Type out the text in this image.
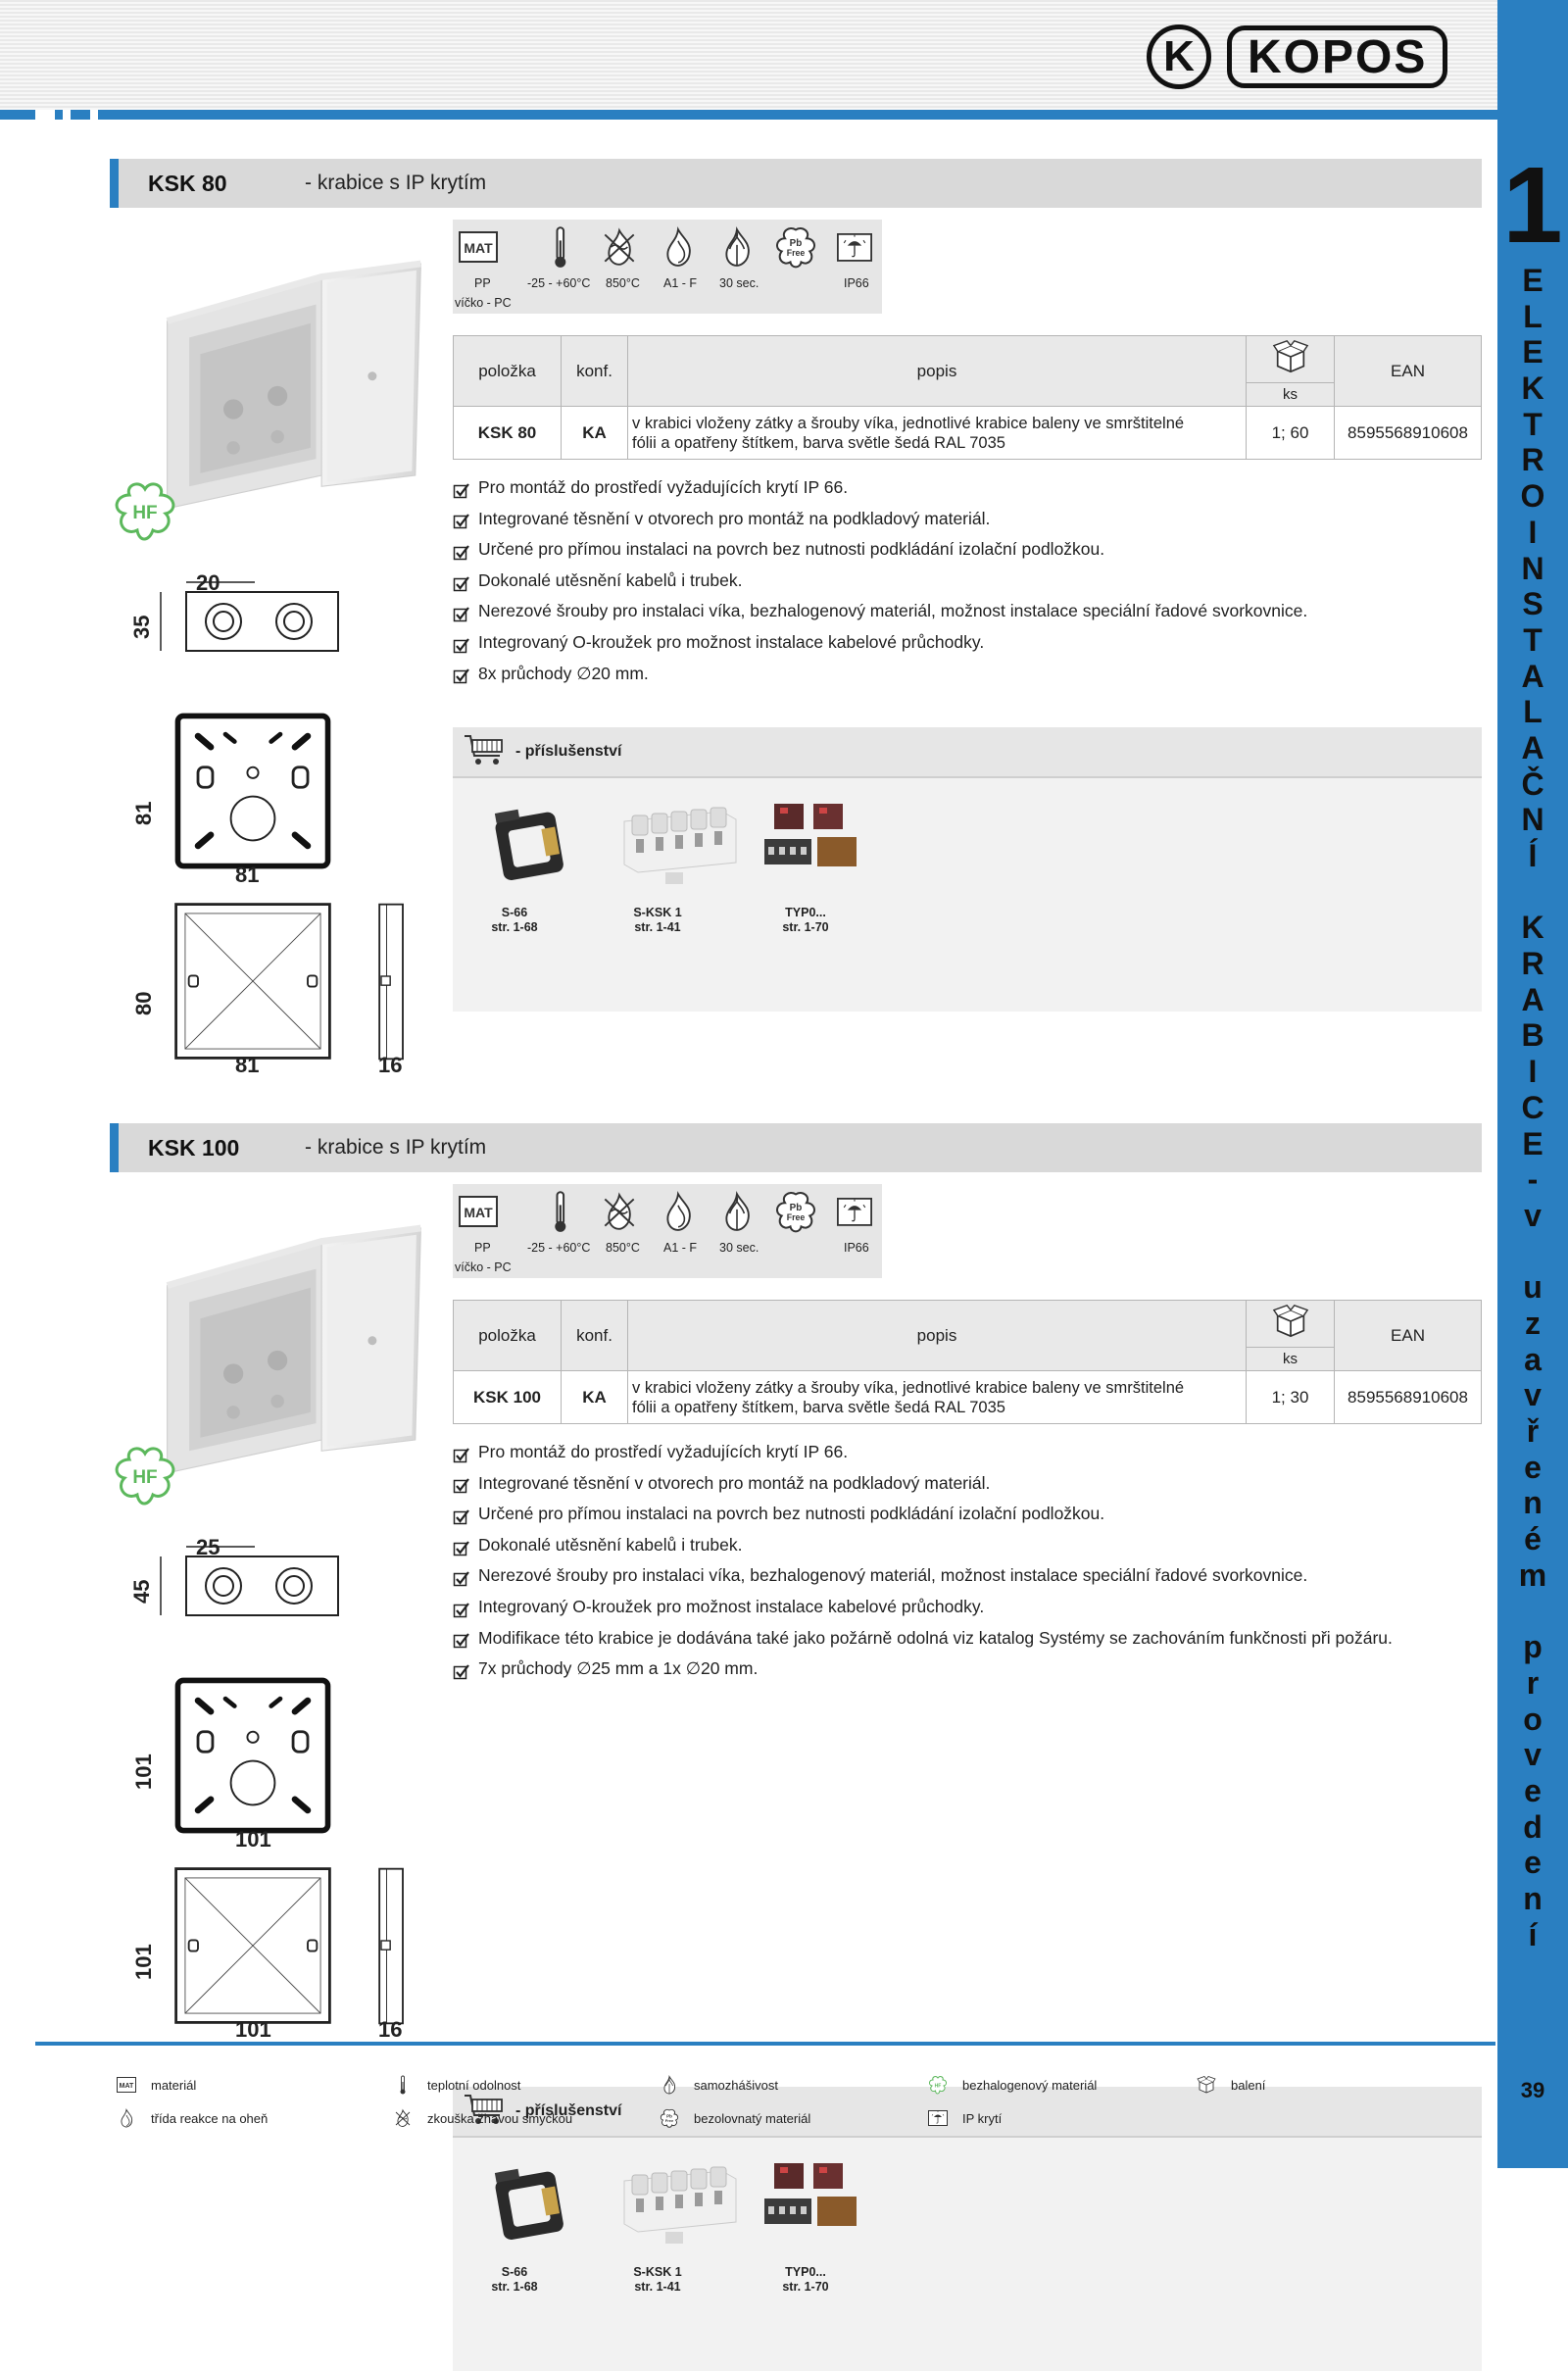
K	KOPOS
1
E
L
E
K
T
R
O
I
N
S
T
A
L
A
Č
N
Í
K
R
A
B
I
C
E
-
v
u
z
a
v
ř
e
n
é
m
p
r
o
v
e
d
e
n
í
39
KSK 80	- krabice s IP krytím
HF
20
35
81
81
80
81	16
MAT	Pb
Free
PP	-25 - +60°C 850°C A1 - F 30 sec.	IP66
víčko - PC
položka	konf.	popis		EAN
			ks	
KSK 80	KA	v krabici vloženy zátky a šrouby víka, jednotlivé krabice baleny ve smrštitelné
fólii a opatřeny štítkem, barva světle šedá RAL 7035	1; 60	8595568910608
Pro montáž do prostředí vyžadujících krytí IP 66.
Integrované těsnění v otvorech pro montáž na podkladový materiál.
Určené pro přímou instalaci na povrch bez nutnosti podkládání izolační podložkou.
Dokonalé utěsnění kabelů i trubek.
Nerezové šrouby pro instalaci víka, bezhalogenový materiál, možnost instalace speciální řadové svorkovnice.
Integrovaný O-kroužek pro možnost instalace kabelové průchodky.
8x průchody ∅20 mm.
- příslušenství
S-66
str. 1-68
S-KSK 1
str. 1-41
TYP0...
str. 1-70
KSK 100	- krabice s IP krytím
HF
25
45
101
101
101
101	16
MAT	Pb
Free
PP	-25 - +60°C 850°C A1 - F 30 sec.	IP66
víčko - PC
položka	konf.	popis		EAN
			ks	
KSK 100	KA	v krabici vloženy zátky a šrouby víka, jednotlivé krabice baleny ve smrštitelné
fólii a opatřeny štítkem, barva světle šedá RAL 7035	1; 30	8595568910608
Pro montáž do prostředí vyžadujících krytí IP 66.
Integrované těsnění v otvorech pro montáž na podkladový materiál.
Určené pro přímou instalaci na povrch bez nutnosti podkládání izolační podložkou.
Dokonalé utěsnění kabelů i trubek.
Nerezové šrouby pro instalaci víka, bezhalogenový materiál, možnost instalace speciální řadové svorkovnice.
Integrovaný O-kroužek pro možnost instalace kabelové průchodky.
Modifikace této krabice je dodávána také jako požárně odolná viz katalog Systémy se zachováním funkčnosti při požáru.
7x průchody ∅25 mm a 1x ∅20 mm.
- příslušenství
S-66
str. 1-68
S-KSK 1
str. 1-41
TYP0...
str. 1-70
MAT materiál	teplotní odolnost	samozhášivost	HF bezhalogenový materiál	balení
třída reakce na oheň	zkouška žhavou smyčkou	Pb
Free bezolovnatý materiál	IP krytí
